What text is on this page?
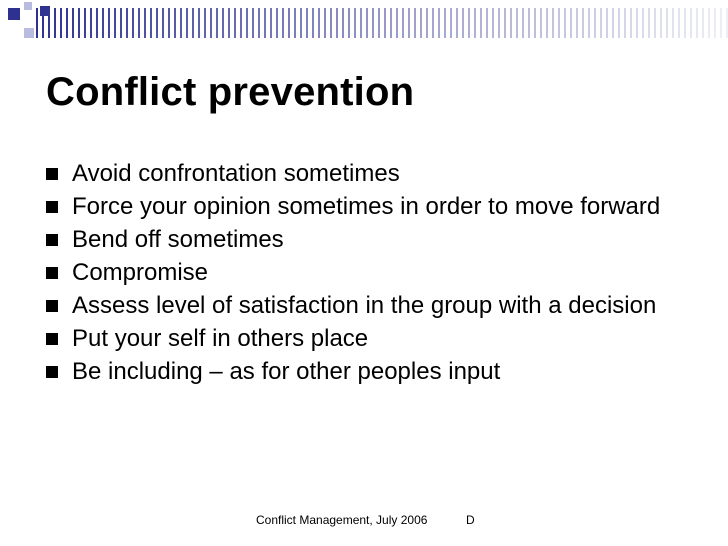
Conflict prevention
Avoid confrontation sometimes
Force your opinion sometimes in order to move forward
Bend off sometimes
Compromise
Assess level of satisfaction in the group with a decision
Put your self in others place
Be including – as for other peoples input
Conflict Management, July 2006	D
